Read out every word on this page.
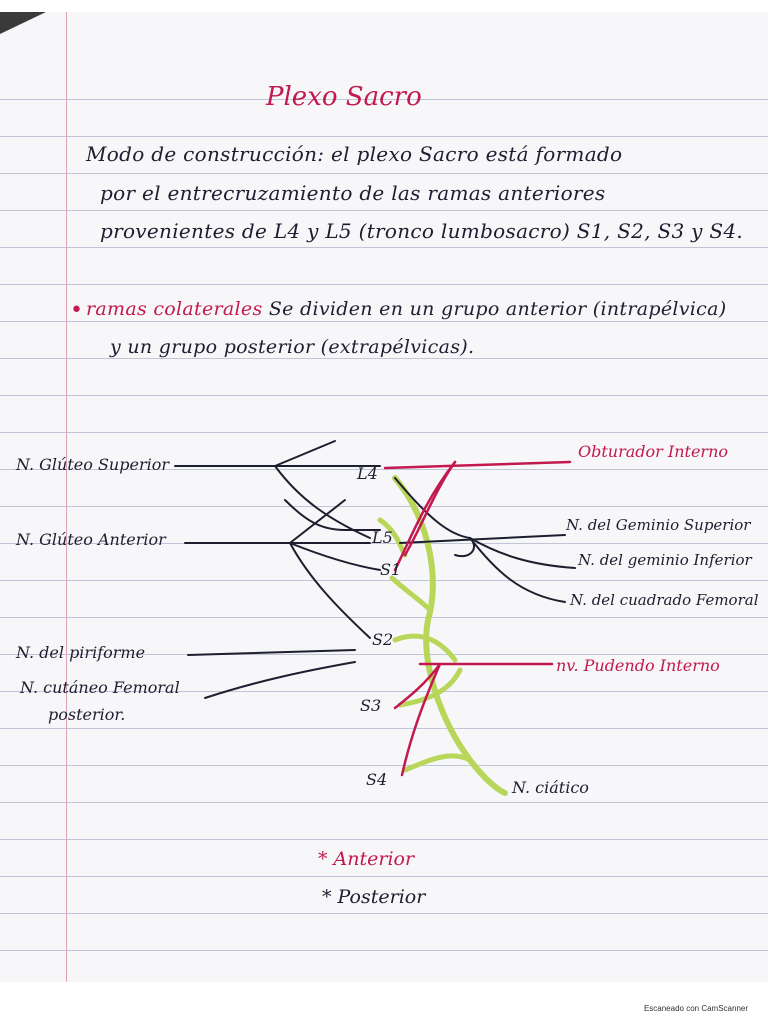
Plexo Sacro
Modo de construcción: el plexo Sacro está formado
por el entrecruzamiento de las ramas anteriores
provenientes de L4 y L5 (tronco lumbosacro) S1, S2, S3 y S4.
• ramas colaterales Se dividen en un grupo anterior (intrapélvica)
y un grupo posterior (extrapélvicas).
N. Glúteo Superior
N. Glúteo Anterior
N. del piriforme
N. cutáneo Femoral
posterior.
L4
L5
S1
S2
S3
S4
Obturador Interno
N. del Geminio Superior
N. del geminio Inferior
N. del cuadrado Femoral
nv. Pudendo Interno
N. ciático
* Anterior
* Posterior
Escaneado con CamScanner
